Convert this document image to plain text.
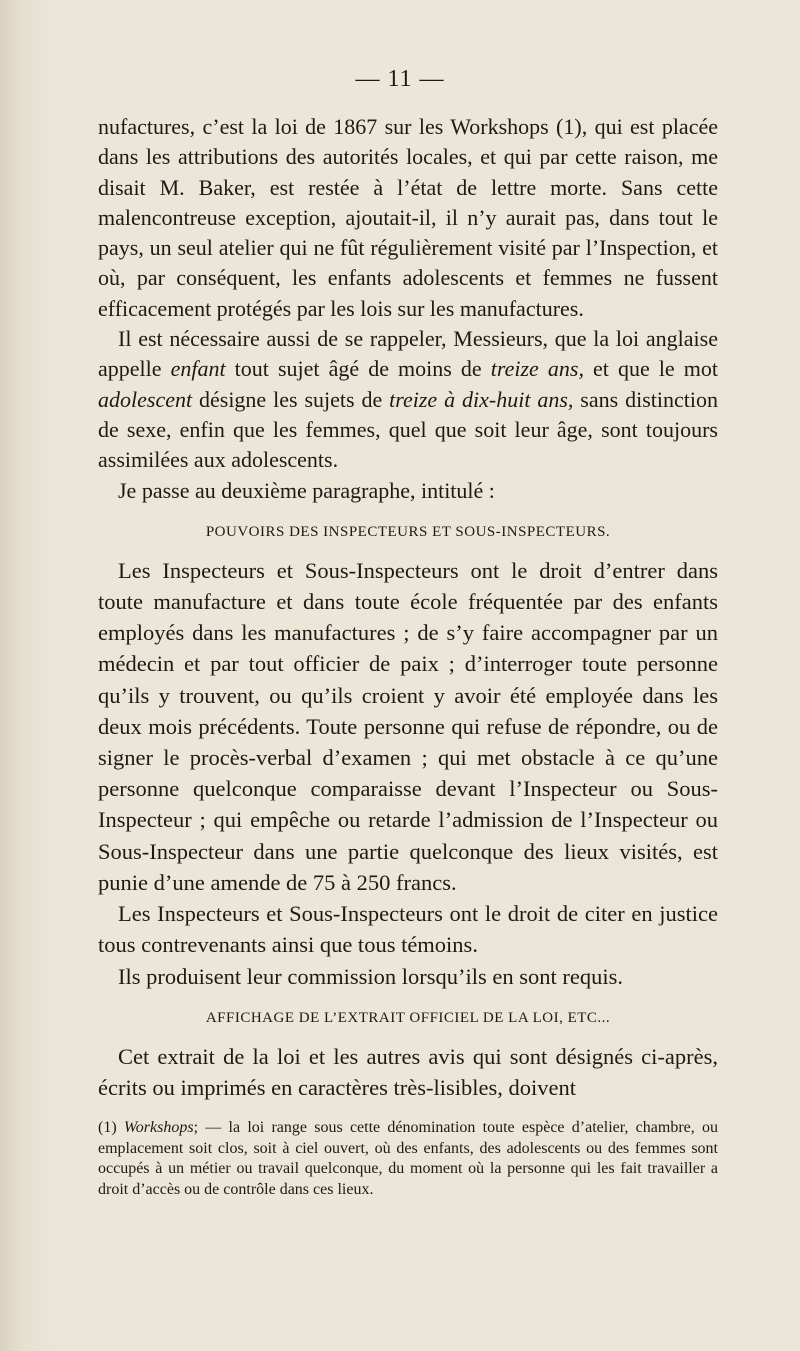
— 11 —

nufactures, c’est la loi de 1867 sur les Workshops (1), qui est placée dans les attributions des autorités locales, et qui par cette raison, me disait M. Baker, est restée à l’état de lettre morte. Sans cette malencontreuse exception, ajoutait-il, il n’y aurait pas, dans tout le pays, un seul atelier qui ne fût régulièrement visité par l’Inspection, et où, par conséquent, les enfants adolescents et femmes ne fussent efficacement protégés par les lois sur les manufactures.

Il est nécessaire aussi de se rappeler, Messieurs, que la loi anglaise appelle enfant tout sujet âgé de moins de treize ans, et que le mot adolescent désigne les sujets de treize à dix-huit ans, sans distinction de sexe, enfin que les femmes, quel que soit leur âge, sont toujours assimilées aux adolescents.

Je passe au deuxième paragraphe, intitulé :

POUVOIRS DES INSPECTEURS ET SOUS-INSPECTEURS.

Les Inspecteurs et Sous-Inspecteurs ont le droit d’entrer dans toute manufacture et dans toute école fréquentée par des enfants employés dans les manufactures ; de s’y faire accompagner par un médecin et par tout officier de paix ; d’interroger toute personne qu’ils y trouvent, ou qu’ils croient y avoir été employée dans les deux mois précédents. Toute personne qui refuse de répondre, ou de signer le procès-verbal d’examen ; qui met obstacle à ce qu’une personne quelconque comparaisse devant l’Inspecteur ou Sous-Inspecteur ; qui empêche ou retarde l’admission de l’Inspecteur ou Sous-Inspecteur dans une partie quelconque des lieux visités, est punie d’une amende de 75 à 250 francs.

Les Inspecteurs et Sous-Inspecteurs ont le droit de citer en justice tous contrevenants ainsi que tous témoins.

Ils produisent leur commission lorsqu’ils en sont requis.

AFFICHAGE DE L’EXTRAIT OFFICIEL DE LA LOI, ETC...

Cet extrait de la loi et les autres avis qui sont désignés ci-après, écrits ou imprimés en caractères très-lisibles, doivent

(1) Workshops; — la loi range sous cette dénomination toute espèce d’atelier, chambre, ou emplacement soit clos, soit à ciel ouvert, où des enfants, des adolescents ou des femmes sont occupés à un métier ou travail quelconque, du moment où la personne qui les fait travailler a droit d’accès ou de contrôle dans ces lieux.
